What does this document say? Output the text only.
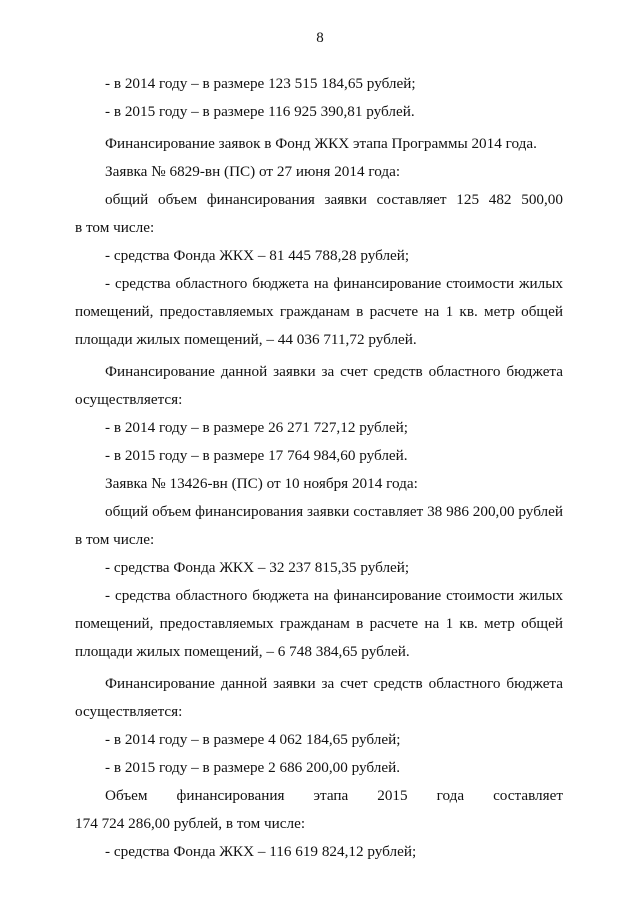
8
- в 2014 году – в размере 123 515 184,65 рублей;
- в 2015 году – в размере 116 925 390,81 рублей.
Финансирование заявок в Фонд ЖКХ этапа Программы 2014 года.
Заявка № 6829-вн (ПС) от 27 июня 2014 года:
общий объем финансирования заявки составляет 125 482 500,00
в том числе:
- средства Фонда ЖКХ – 81 445 788,28 рублей;
- средства областного бюджета на финансирование стоимости жилых
помещений, предоставляемых гражданам в расчете на 1 кв. метр общей
площади жилых помещений, – 44 036 711,72 рублей.
Финансирование данной заявки за счет средств областного бюджета
осуществляется:
- в 2014 году – в размере 26 271 727,12 рублей;
- в 2015 году – в размере 17 764 984,60 рублей.
Заявка № 13426-вн (ПС) от 10 ноября 2014 года:
общий объем финансирования заявки составляет 38 986 200,00 рублей
в том числе:
- средства Фонда ЖКХ – 32 237 815,35 рублей;
- средства областного бюджета на финансирование стоимости жилых
помещений, предоставляемых гражданам в расчете на 1 кв. метр общей
площади жилых помещений, – 6 748 384,65 рублей.
Финансирование данной заявки за счет средств областного бюджета
осуществляется:
- в 2014 году – в размере 4 062 184,65 рублей;
- в 2015 году – в размере 2 686 200,00 рублей.
Объем финансирования этапа 2015 года составляет
174 724 286,00 рублей, в том числе:
- средства Фонда ЖКХ – 116 619 824,12 рублей;
